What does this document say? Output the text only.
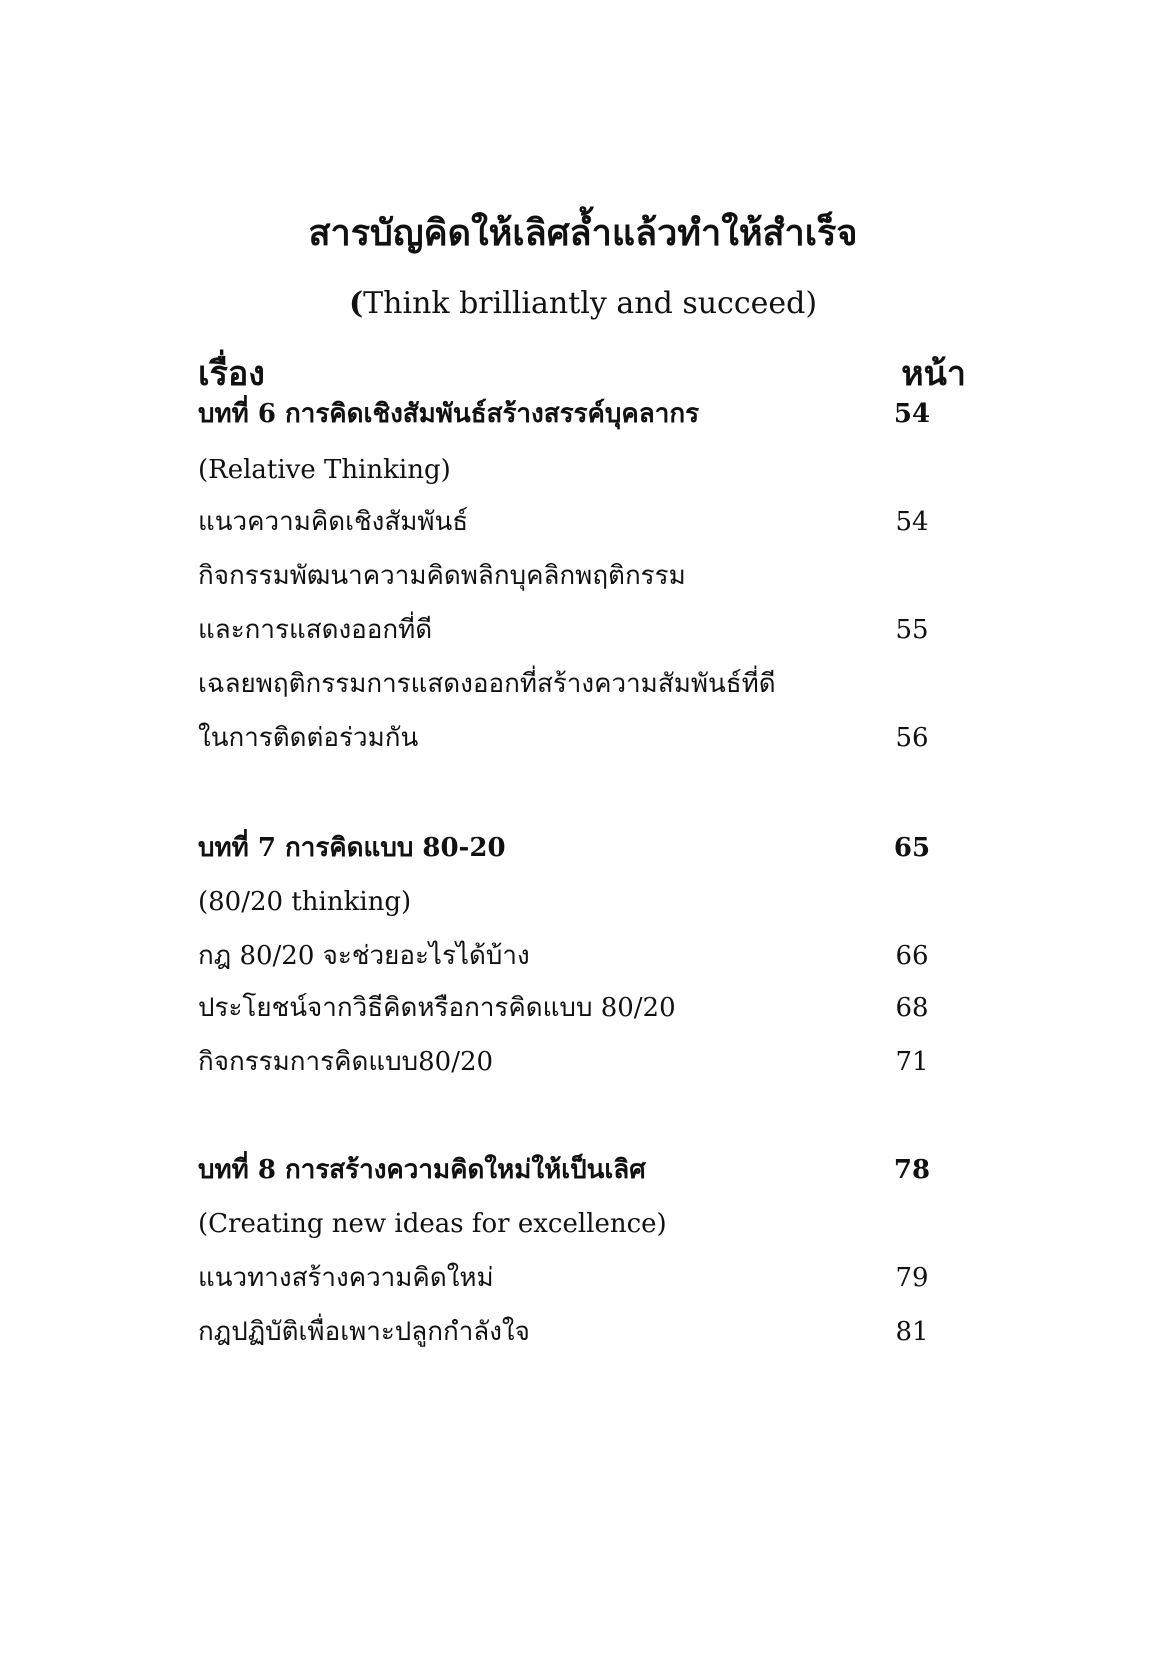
สารบัญคิดให้เลิศล้ำแล้วทำให้สำเร็จ
(Think brilliantly and succeed)
เรื่อง	หน้า
บทที่ 6 การคิดเชิงสัมพันธ์สร้างสรรค์บุคลากร	54
(Relative Thinking)
แนวความคิดเชิงสัมพันธ์	54
กิจกรรมพัฒนาความคิดพลิกบุคลิกพฤติกรรม
และการแสดงออกที่ดี	55
เฉลยพฤติกรรมการแสดงออกที่สร้างความสัมพันธ์ที่ดี
ในการติดต่อร่วมกัน	56
บทที่ 7 การคิดแบบ 80-20	65
(80/20 thinking)
กฎ 80/20 จะช่วยอะไรได้บ้าง	66
ประโยชน์จากวิธีคิดหรือการคิดแบบ 80/20	68
กิจกรรมการคิดแบบ80/20	71
บทที่ 8 การสร้างความคิดใหม่ให้เป็นเลิศ	78
(Creating new ideas for excellence)
แนวทางสร้างความคิดใหม่	79
กฎปฏิบัติเพื่อเพาะปลูกกำลังใจ	81
